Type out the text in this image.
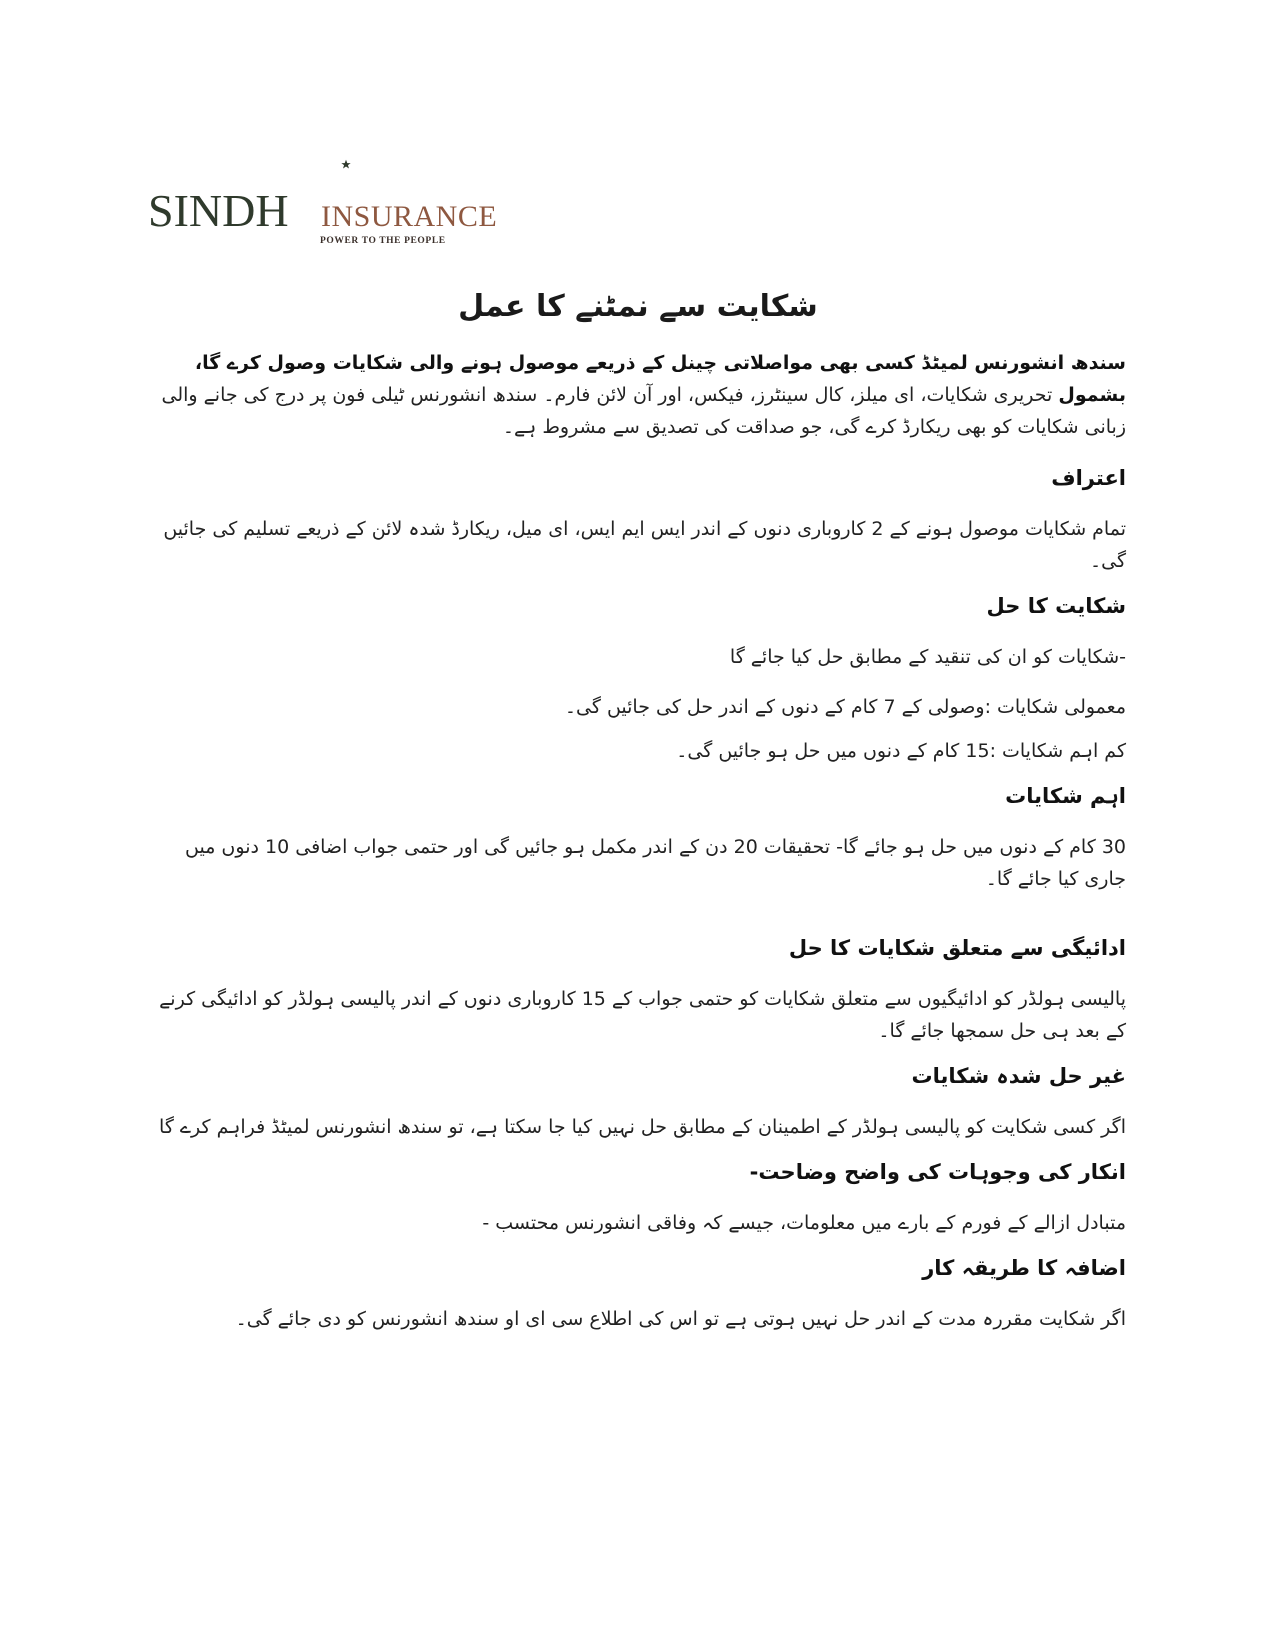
SINDH INSURANCE
POWER TO THE PEOPLE
شکایت سے نمٹنے کا عمل

سندھ انشورنس لمیٹڈ کسی بھی مواصلاتی چینل کے ذریعے موصول ہونے والی شکایات وصول کرے گا، بشمول تحریری شکایات، ای میلز، کال سینٹرز، فیکس، اور آن لائن فارم۔ سندھ انشورنس ٹیلی فون پر درج کی جانے والی زبانی شکایات کو بھی ریکارڈ کرے گی، جو صداقت کی تصدیق سے مشروط ہے۔

اعتراف

تمام شکایات موصول ہونے کے 2 کاروباری دنوں کے اندر ایس ایم ایس، ای میل، ریکارڈ شدہ لائن کے ذریعے تسلیم کی جائیں گی۔

شکایت کا حل

-شکایات کو ان کی تنقید کے مطابق حل کیا جائے گا

معمولی شکایات :وصولی کے 7 کام کے دنوں کے اندر حل کی جائیں گی۔

کم اہم شکایات :15 کام کے دنوں میں حل ہو جائیں گی۔

اہم شکایات

30 کام کے دنوں میں حل ہو جائے گا- تحقیقات 20 دن کے اندر مکمل ہو جائیں گی اور حتمی جواب اضافی 10 دنوں میں جاری کیا جائے گا۔

ادائیگی سے متعلق شکایات کا حل

پالیسی ہولڈر کو ادائیگیوں سے متعلق شکایات کو حتمی جواب کے 15 کاروباری دنوں کے اندر پالیسی ہولڈر کو ادائیگی کرنے کے بعد ہی حل سمجھا جائے گا۔

غیر حل شدہ شکایات

اگر کسی شکایت کو پالیسی ہولڈر کے اطمینان کے مطابق حل نہیں کیا جا سکتا ہے، تو سندھ انشورنس لمیٹڈ فراہم کرے گا

انکار کی وجوہات کی واضح وضاحت-

متبادل ازالے کے فورم کے بارے میں معلومات، جیسے کہ وفاقی انشورنس محتسب -

اضافہ کا طریقہ کار

اگر شکایت مقررہ مدت کے اندر حل نہیں ہوتی ہے تو اس کی اطلاع سی ای او سندھ انشورنس کو دی جائے گی۔
